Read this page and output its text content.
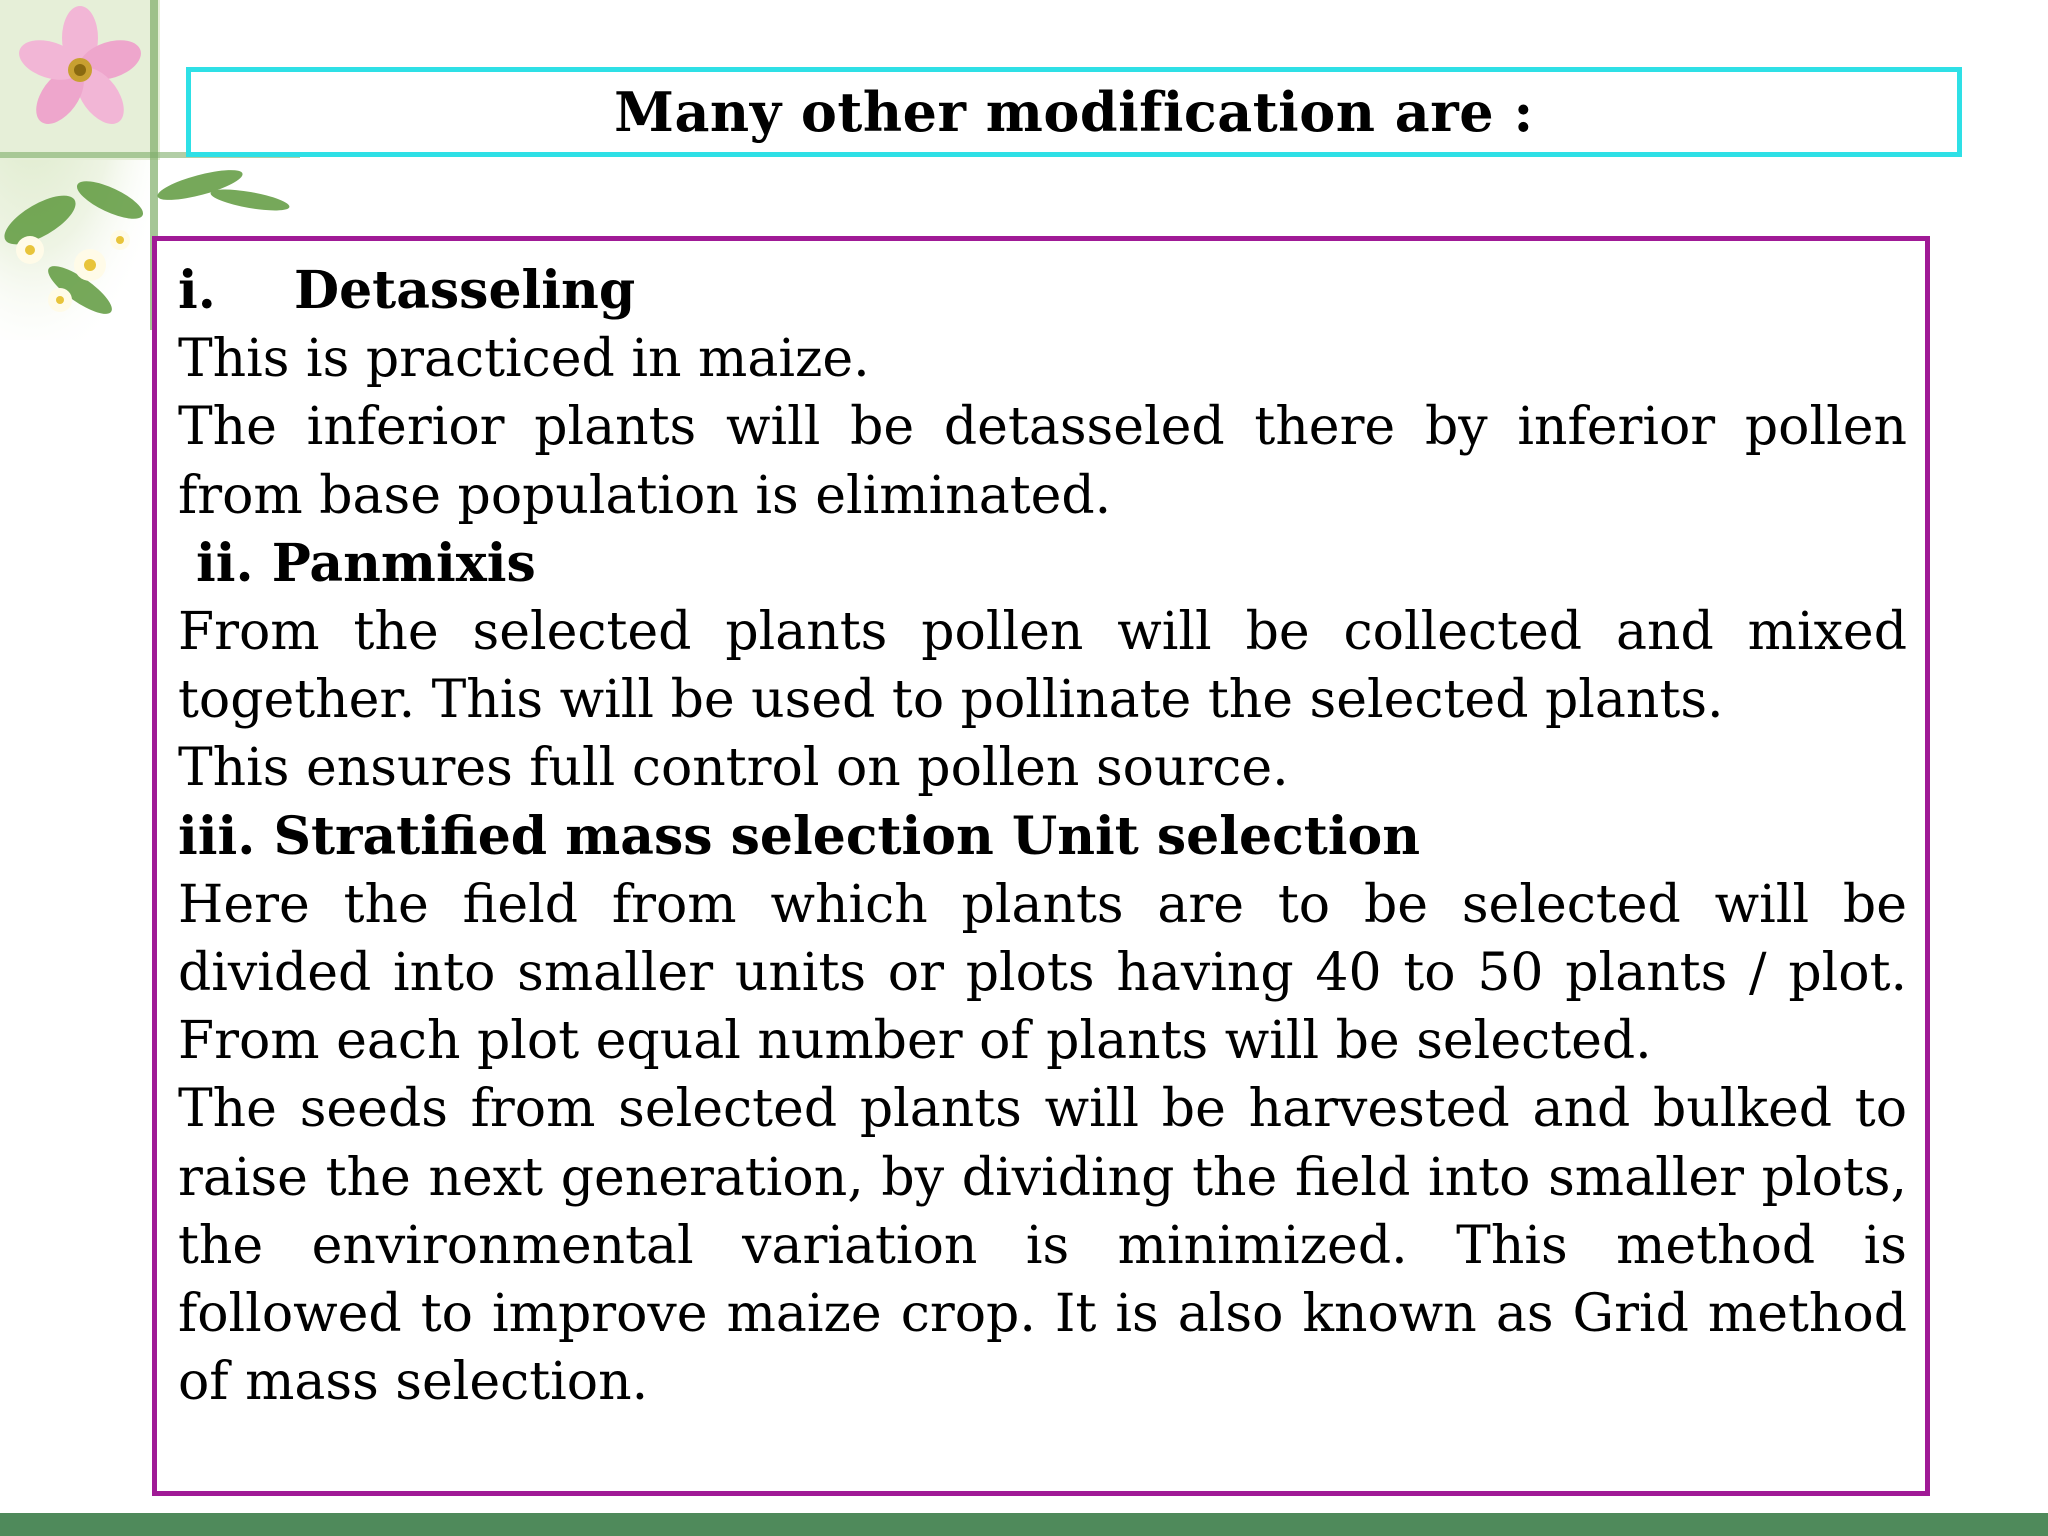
Many other modification are :
i. Detasseling
This is practiced in maize.
The inferior plants will be detasseled there by inferior pollen from base population is eliminated.
ii. Panmixis
From the selected plants pollen will be collected and mixed together. This will be used to pollinate the selected plants.
This ensures full control on pollen source.
iii. Stratified mass selection Unit selection
Here the field from which plants are to be selected will be divided into smaller units or plots having 40 to 50 plants / plot. From each plot equal number of plants will be selected.
The seeds from selected plants will be harvested and bulked to raise the next generation, by dividing the field into smaller plots, the environmental variation is minimized. This method is followed to improve maize crop. It is also known as Grid method of mass selection.
